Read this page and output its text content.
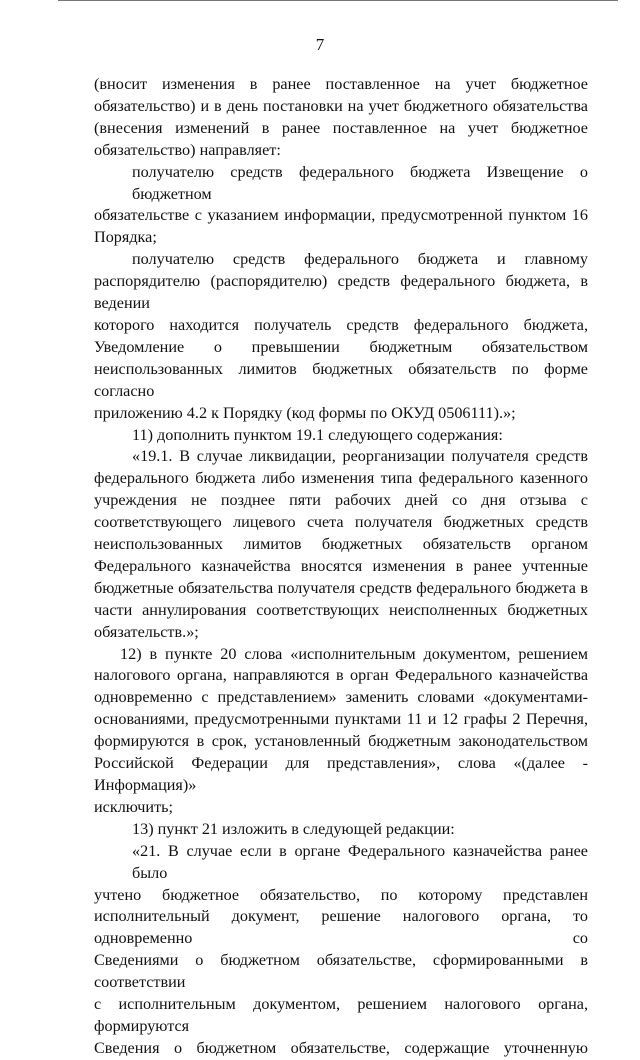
7
(вносит изменения в ранее поставленное на учет бюджетное
обязательство) и в день постановки на учет бюджетного обязательства
(внесения изменений в ранее поставленное на учет бюджетное
обязательство) направляет:
получателю средств федерального бюджета Извещение о бюджетном
обязательстве с указанием информации, предусмотренной пунктом 16
Порядка;
получателю средств федерального бюджета и главному
распорядителю (распорядителю) средств федерального бюджета, в ведении
которого находится получатель средств федерального бюджета,
Уведомление о превышении бюджетным обязательством
неиспользованных лимитов бюджетных обязательств по форме согласно
приложению 4.2 к Порядку (код формы по ОКУД 0506111).»;
11) дополнить пунктом 19.1 следующего содержания:
«19.1. В случае ликвидации, реорганизации получателя средств
федерального бюджета либо изменения типа федерального казенного
учреждения не позднее пяти рабочих дней со дня отзыва с
соответствующего лицевого счета получателя бюджетных средств
неиспользованных лимитов бюджетных обязательств органом
Федерального казначейства вносятся изменения в ранее учтенные
бюджетные обязательства получателя средств федерального бюджета в
части аннулирования соответствующих неисполненных бюджетных
обязательств.»;
12) в пункте 20 слова «исполнительным документом, решением
налогового органа, направляются в орган Федерального казначейства
одновременно с представлением» заменить словами «документами-
основаниями, предусмотренными пунктами 11 и 12 графы 2 Перечня,
формируются в срок, установленный бюджетным законодательством
Российской Федерации для представления», слова «(далее - Информация)»
исключить;
13) пункт 21 изложить в следующей редакции:
«21. В случае если в органе Федерального казначейства ранее было
учтено бюджетное обязательство, по которому представлен
исполнительный документ, решение налогового органа, то одновременно со
Сведениями о бюджетном обязательстве, сформированными в соответствии
с исполнительным документом, решением налогового органа, формируются
Сведения о бюджетном обязательстве, содержащие уточненную
